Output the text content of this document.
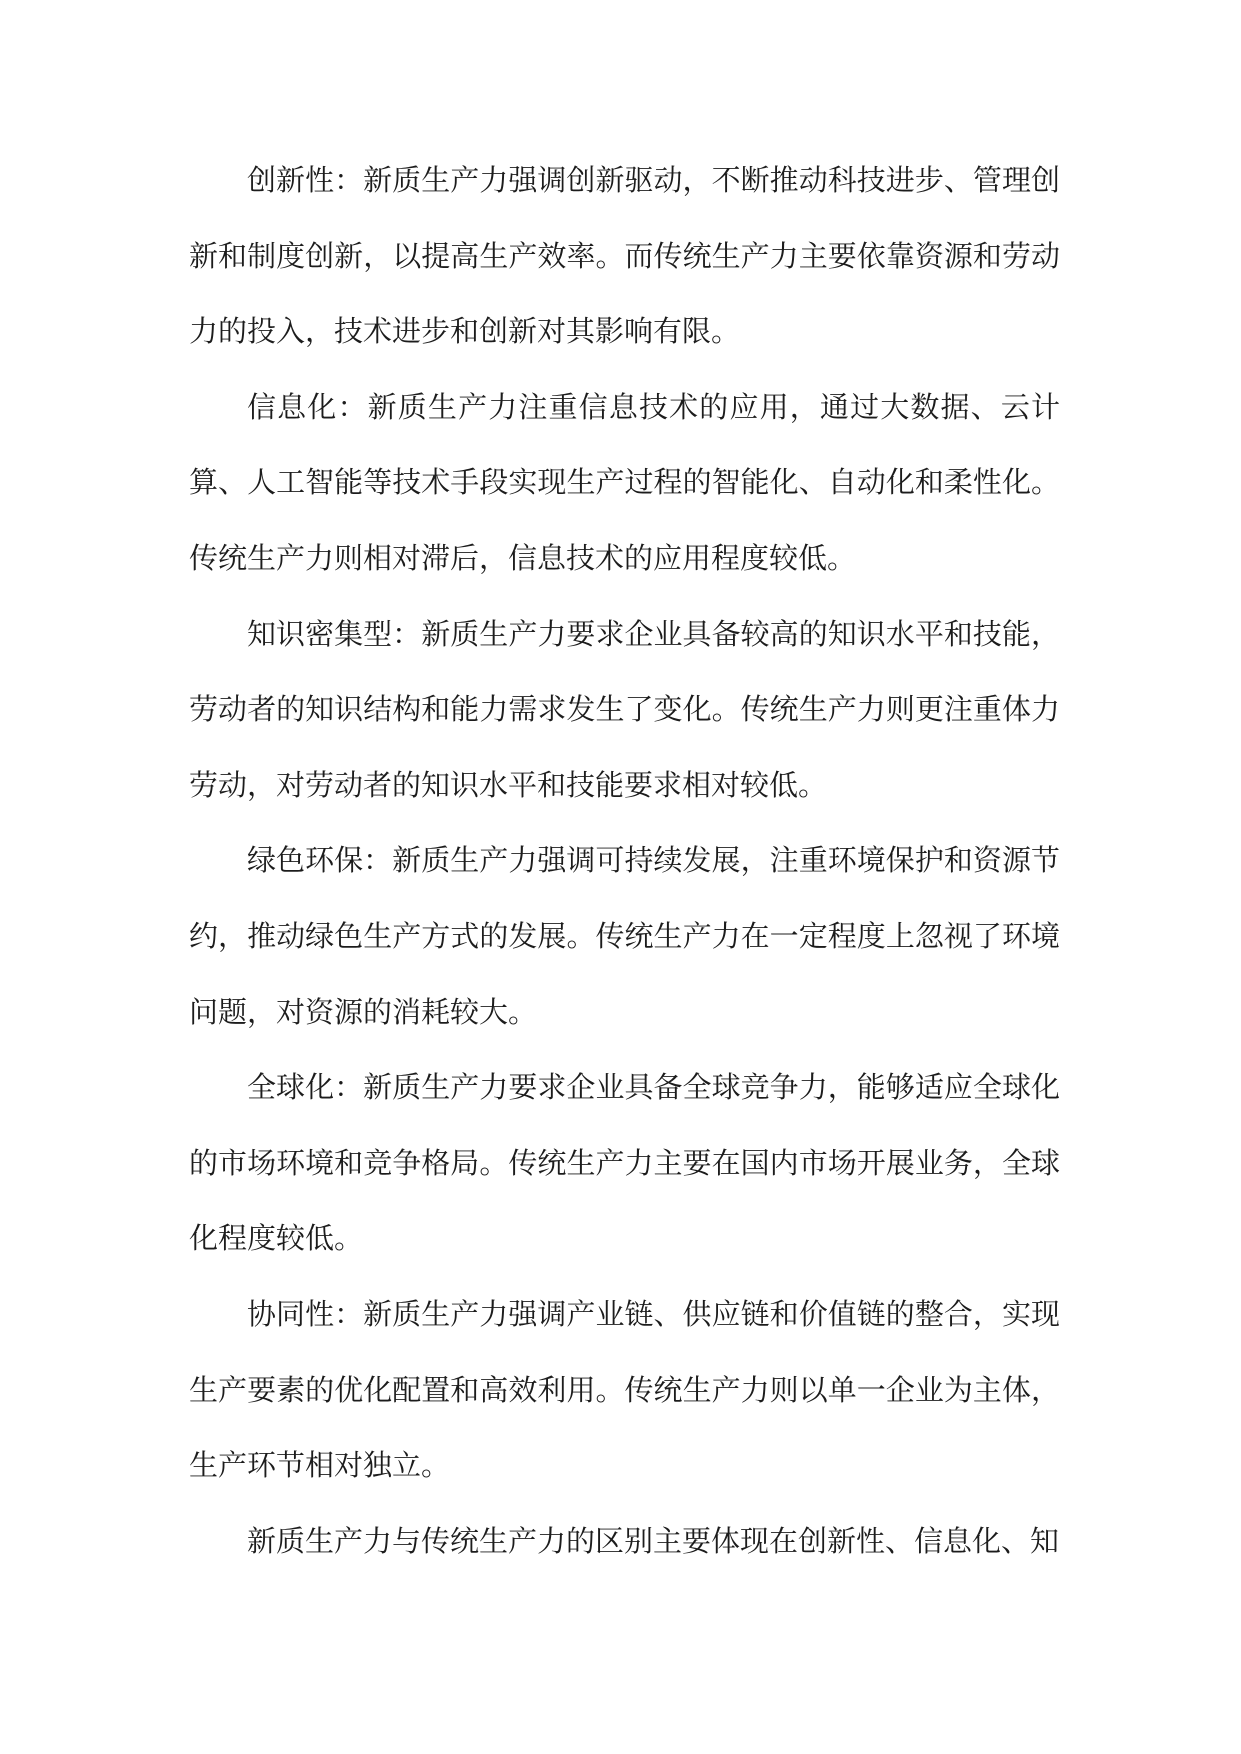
创新性：新质生产力强调创新驱动，不断推动科技进步、管理创新和制度创新，以提高生产效率。而传统生产力主要依靠资源和劳动力的投入，技术进步和创新对其影响有限。

信息化：新质生产力注重信息技术的应用，通过大数据、云计算、人工智能等技术手段实现生产过程的智能化、自动化和柔性化。传统生产力则相对滞后，信息技术的应用程度较低。

知识密集型：新质生产力要求企业具备较高的知识水平和技能，劳动者的知识结构和能力需求发生了变化。传统生产力则更注重体力劳动，对劳动者的知识水平和技能要求相对较低。

绿色环保：新质生产力强调可持续发展，注重环境保护和资源节约，推动绿色生产方式的发展。传统生产力在一定程度上忽视了环境问题，对资源的消耗较大。

全球化：新质生产力要求企业具备全球竞争力，能够适应全球化的市场环境和竞争格局。传统生产力主要在国内市场开展业务，全球化程度较低。

协同性：新质生产力强调产业链、供应链和价值链的整合，实现生产要素的优化配置和高效利用。传统生产力则以单一企业为主体，生产环节相对独立。

新质生产力与传统生产力的区别主要体现在创新性、信息化、知
